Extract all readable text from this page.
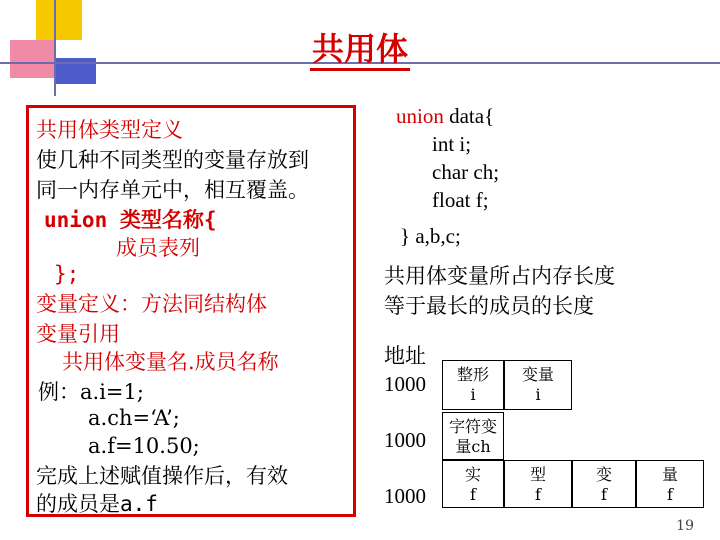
共用体
共用体类型定义
使几种不同类型的变量存放到
同一内存单元中，相互覆盖。
union 类型名称{
成员表列
};
变量定义：方法同结构体
变量引用
共用体变量名.成员名称
例：a.i=1;
a.ch=‘A’;
a.f=10.50;
完成上述赋值操作后，有效
的成员是a.f
union data{
int i;
char ch;
float f;
} a,b,c;
共用体变量所占内存长度
等于最长的成员的长度
地址
1000
1000
1000
整形
i
变量
i
字符变
量ch
实
f
型
f
变
f
量
f
19
